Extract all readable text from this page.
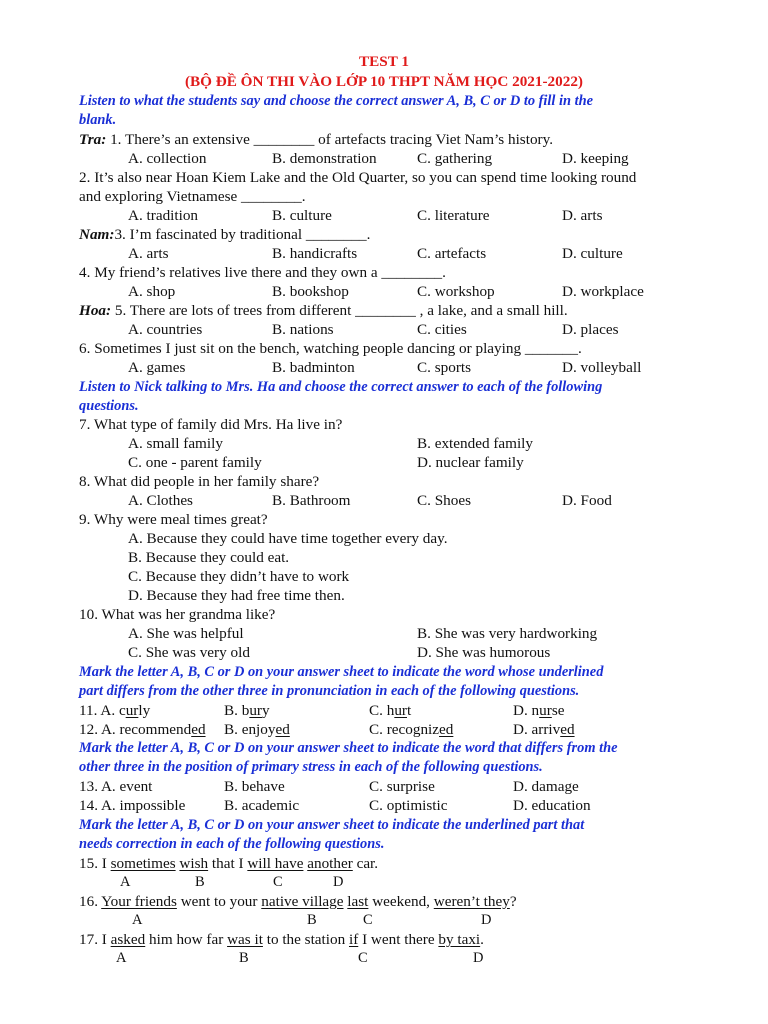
TEST 1
(BỘ ĐỀ ÔN THI VÀO LỚP 10 THPT NĂM HỌC 2021-2022)
Listen to what the students say and choose the correct answer A, B, C or D to fill in the
blank.
Tra: 1. There’s an extensive ________ of artefacts tracing Viet Nam’s history.
A. collection	B. demonstration	C. gathering	D. keeping
2. It’s also near Hoan Kiem Lake and the Old Quarter, so you can spend time looking round
and exploring Vietnamese ________.
A. tradition	B. culture	C. literature	D. arts
Nam:3. I’m fascinated by traditional ________.
A. arts	B. handicrafts	C. artefacts	D. culture
4. My friend’s relatives live there and they own a ________.
A. shop	B. bookshop	C. workshop	D. workplace
Hoa: 5. There are lots of trees from different ________ , a lake, and a small hill.
A. countries	B. nations	C. cities	D. places
6. Sometimes I just sit on the bench, watching people dancing or playing _______.
A. games	B. badminton	C. sports	D. volleyball
Listen to Nick talking to Mrs. Ha and choose the correct answer to each of the following
questions.
7. What type of family did Mrs. Ha live in?
A. small family	B. extended family
C. one - parent family	D. nuclear family
8. What did people in her family share?
A. Clothes	B. Bathroom	C. Shoes	D. Food
9. Why were meal times great?
A. Because they could have time together every day.
B. Because they could eat.
C. Because they didn’t have to work
D. Because they had free time then.
10. What was her grandma like?
A. She was helpful	B. She was very hardworking
C. She was very old	D. She was humorous
Mark the letter A, B, C or D on your answer sheet to indicate the word whose underlined
part differs from the other three in pronunciation in each of the following questions.
11. A. curly	B. bury	C. hurt	D. nurse
12. A. recommended B. enjoyed	C. recognized	D. arrived
Mark the letter A, B, C or D on your answer sheet to indicate the word that differs from the
other three in the position of primary stress in each of the following questions.
13. A. event	B. behave	C. surprise	D. damage
14. A. impossible	B. academic	C. optimistic	D. education
Mark the letter A, B, C or D on your answer sheet to indicate the underlined part that
needs correction in each of the following questions.
15. I sometimes wish that I will have another car.
A	B	C	D
16. Your friends went to your native village last weekend, weren’t they?
A	B	C	D
17. I asked him how far was it to the station if I went there by taxi.
A	B	C	D
